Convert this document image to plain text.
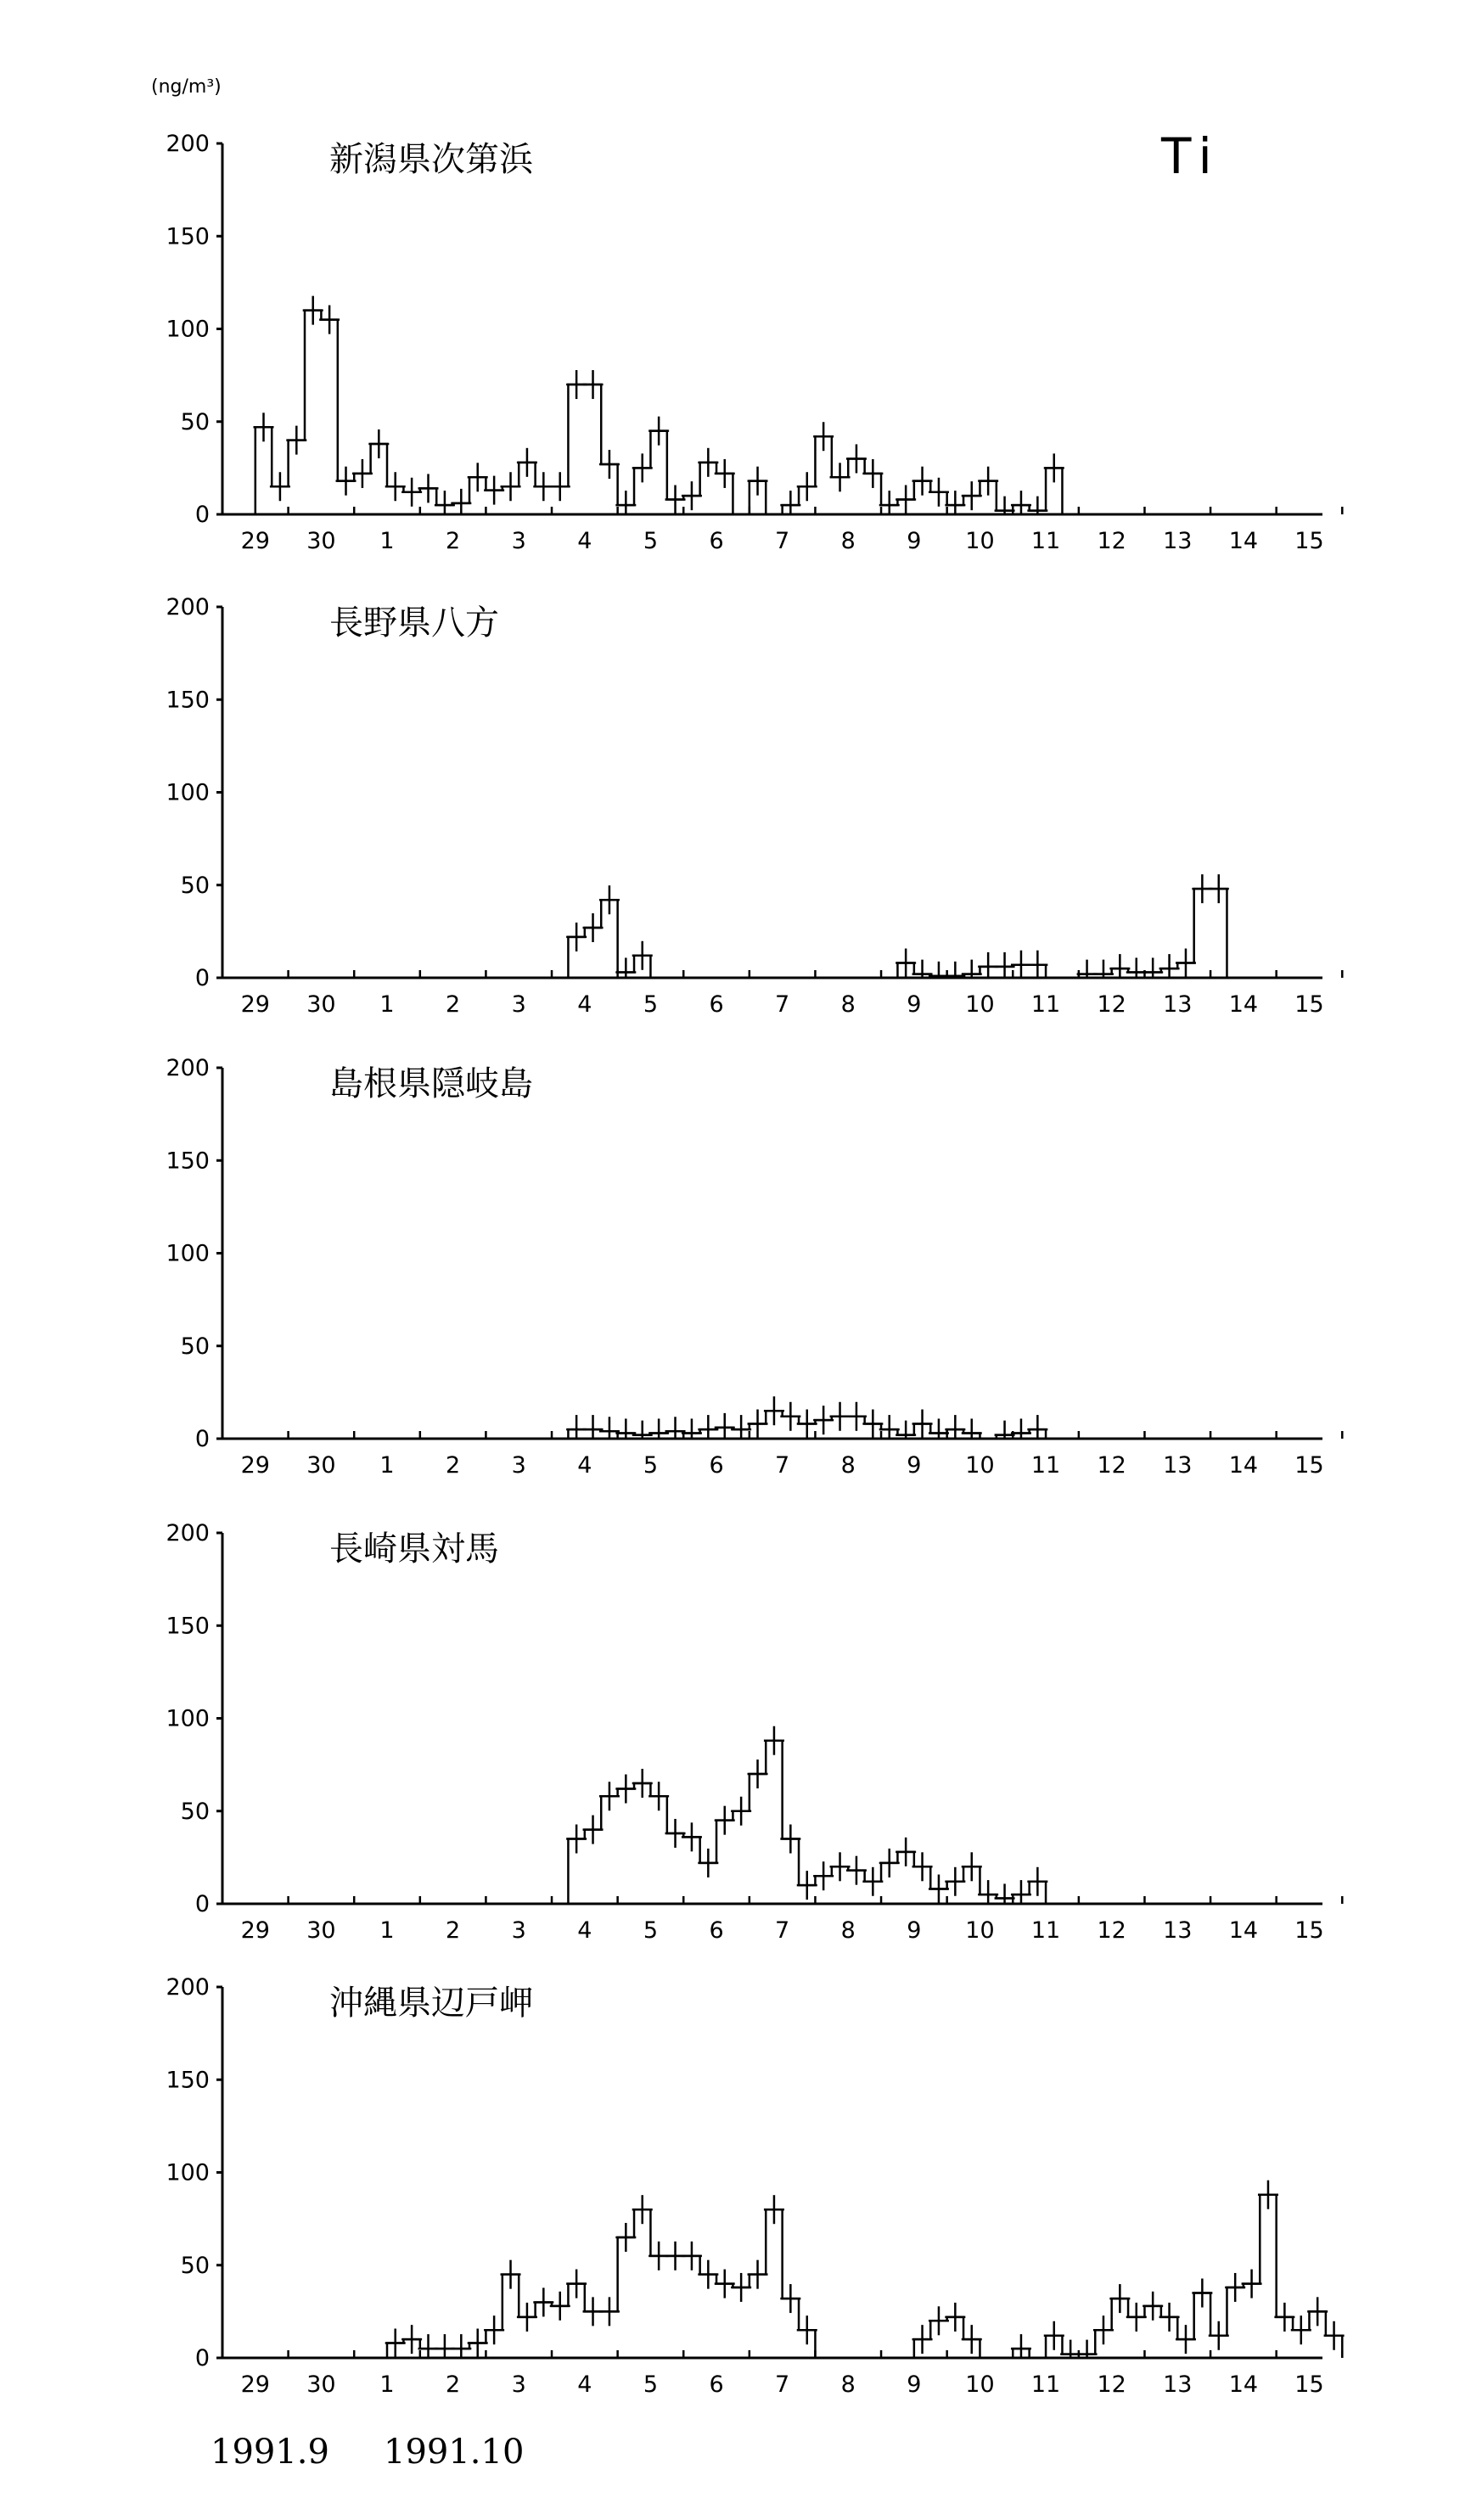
新潟県次第浜
0
50
100
150
200
29 30 1 2 3 4 5 6 7 8 9 10 11 12 13 14 15
長野県八方
0
50
100
150
200
29 30 1 2 3 4 5 6 7 8 9 10 11 12 13 14 15
島根県隠岐島
0
50
100
150
200
29 30 1 2 3 4 5 6 7 8 9 10 11 12 13 14 15
長崎県対馬
0
50
100
150
200
29 30 1 2 3 4 5 6 7 8 9 10 11 12 13 14 15
沖縄県辺戸岬
0
50
100
150
200
29 30 1 2 3 4 5 6 7 8 9 10 11 12 13 14 15
(ng/m³)
Ti
1991.9 1991.10
